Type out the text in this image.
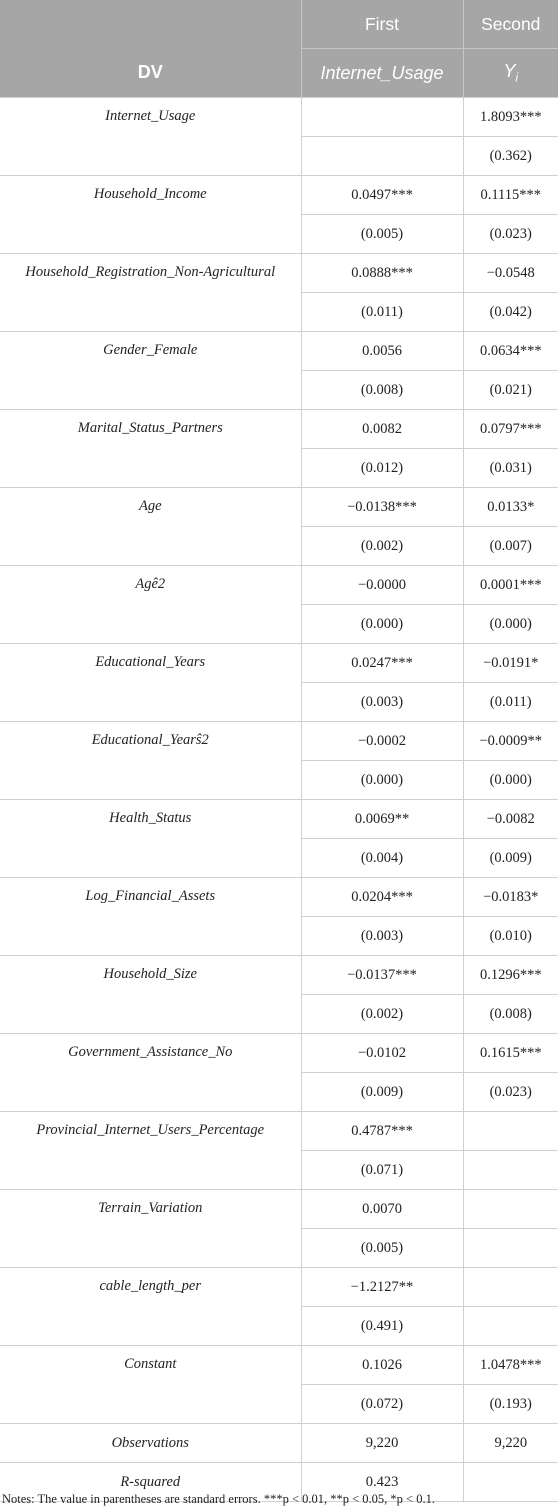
	First	Second
DV	Internet_Usage	$Y_i$
Internet_Usage		1.8093***
		(0.362)
Household_Income	0.0497***	0.1115***
	(0.005)	(0.023)
Household_Registration_Non-Agricultural	0.0888***	−0.0548
	(0.011)	(0.042)
Gender_Female	0.0056	0.0634***
	(0.008)	(0.021)
Marital_Status_Partners	0.0082	0.0797***
	(0.012)	(0.031)
Age	−0.0138***	0.0133*
	(0.002)	(0.007)
Agê2	−0.0000	0.0001***
	(0.000)	(0.000)
Educational_Years	0.0247***	−0.0191*
	(0.003)	(0.011)
Educational_Yearŝ2	−0.0002	−0.0009**
	(0.000)	(0.000)
Health_Status	0.0069**	−0.0082
	(0.004)	(0.009)
Log_Financial_Assets	0.0204***	−0.0183*
	(0.003)	(0.010)
Household_Size	−0.0137***	0.1296***
	(0.002)	(0.008)
Government_Assistance_No	−0.0102	0.1615***
	(0.009)	(0.023)
Provincial_Internet_Users_Percentage	0.4787***	
	(0.071)	
Terrain_Variation	0.0070	
	(0.005)	
cable_length_per	−1.2127**	
	(0.491)	
Constant	0.1026	1.0478***
	(0.072)	(0.193)
Observations	9,220	9,220
R-squared	0.423	
Notes: The value in parentheses are standard errors. ***p < 0.01, **p < 0.05, *p < 0.1.
